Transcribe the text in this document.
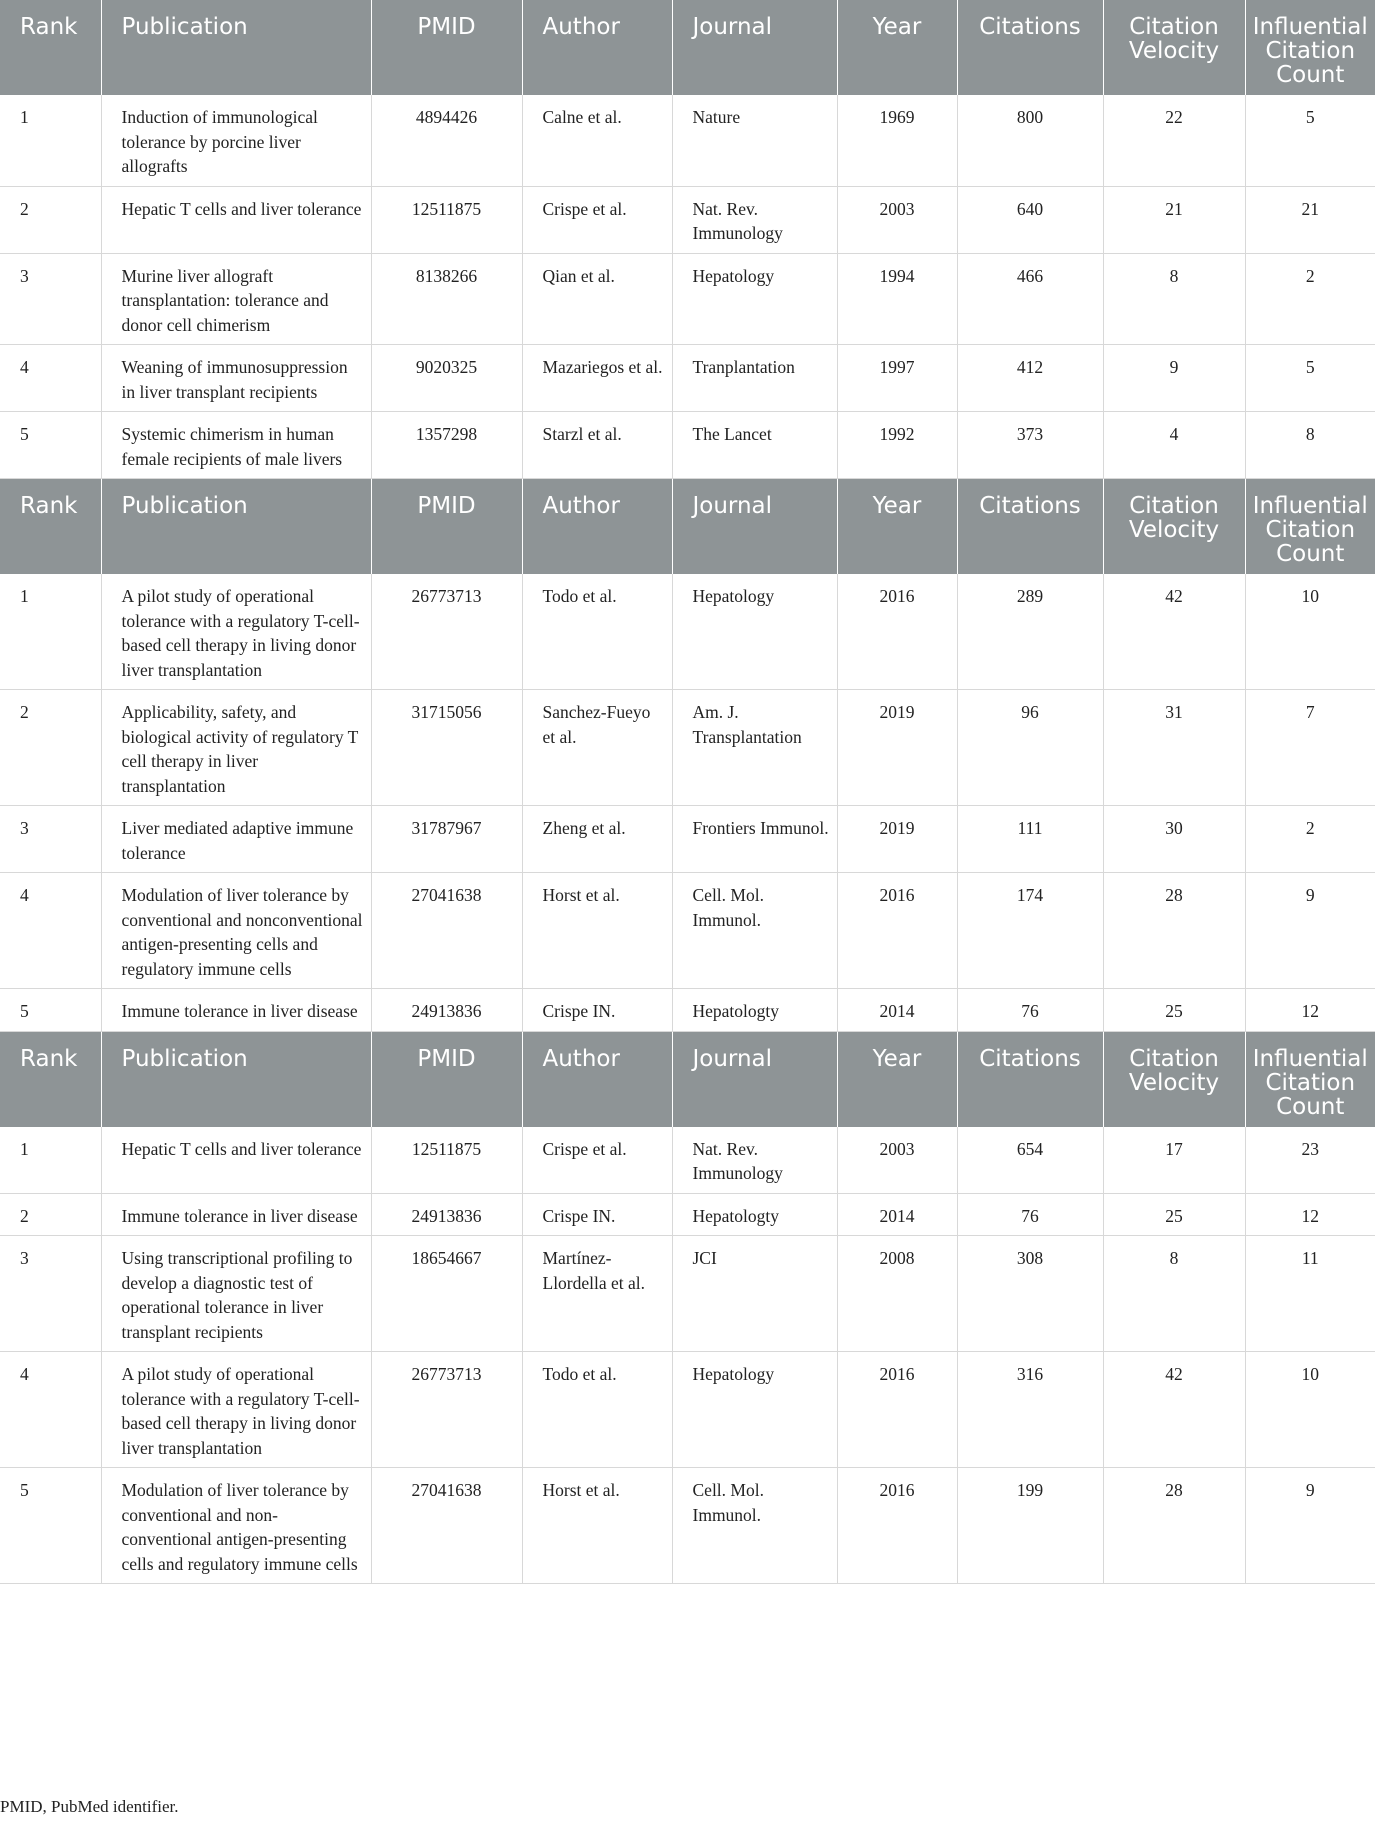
Rank	Publication	PMID	Author	Journal	Year	Citations	Citation Velocity	Influential Citation Count
1	Induction of immunological tolerance by porcine liver allografts	4894426	Calne et al.	Nature	1969	800	22	5
2	Hepatic T cells and liver tolerance	12511875	Crispe et al.	Nat. Rev. Immunology	2003	640	21	21
3	Murine liver allograft transplantation: tolerance and donor cell chimerism	8138266	Qian et al.	Hepatology	1994	466	8	2
4	Weaning of immunosuppression in liver transplant recipients	9020325	Mazariegos et al.	Tranplantation	1997	412	9	5
5	Systemic chimerism in human female recipients of male livers	1357298	Starzl et al.	The Lancet	1992	373	4	8
Rank	Publication	PMID	Author	Journal	Year	Citations	Citation Velocity	Influential Citation Count
1	A pilot study of operational tolerance with a regulatory T-cell-based cell therapy in living donor liver transplantation	26773713	Todo et al.	Hepatology	2016	289	42	10
2	Applicability, safety, and biological activity of regulatory T cell therapy in liver transplantation	31715056	Sanchez-Fueyo et al.	Am. J. Transplantation	2019	96	31	7
3	Liver mediated adaptive immune tolerance	31787967	Zheng et al.	Frontiers Immunol.	2019	111	30	2
4	Modulation of liver tolerance by conventional and nonconventional antigen-presenting cells and regulatory immune cells	27041638	Horst et al.	Cell. Mol. Immunol.	2016	174	28	9
5	Immune tolerance in liver disease	24913836	Crispe IN.	Hepatologty	2014	76	25	12
Rank	Publication	PMID	Author	Journal	Year	Citations	Citation Velocity	Influential Citation Count
1	Hepatic T cells and liver tolerance	12511875	Crispe et al.	Nat. Rev. Immunology	2003	654	17	23
2	Immune tolerance in liver disease	24913836	Crispe IN.	Hepatologty	2014	76	25	12
3	Using transcriptional profiling to develop a diagnostic test of operational tolerance in liver transplant recipients	18654667	Martínez-Llordella et al.	JCI	2008	308	8	11
4	A pilot study of operational tolerance with a regulatory T-cell-based cell therapy in living donor liver transplantation	26773713	Todo et al.	Hepatology	2016	316	42	10
5	Modulation of liver tolerance by conventional and non-conventional antigen-presenting cells and regulatory immune cells	27041638	Horst et al.	Cell. Mol. Immunol.	2016	199	28	9
PMID, PubMed identifier.
